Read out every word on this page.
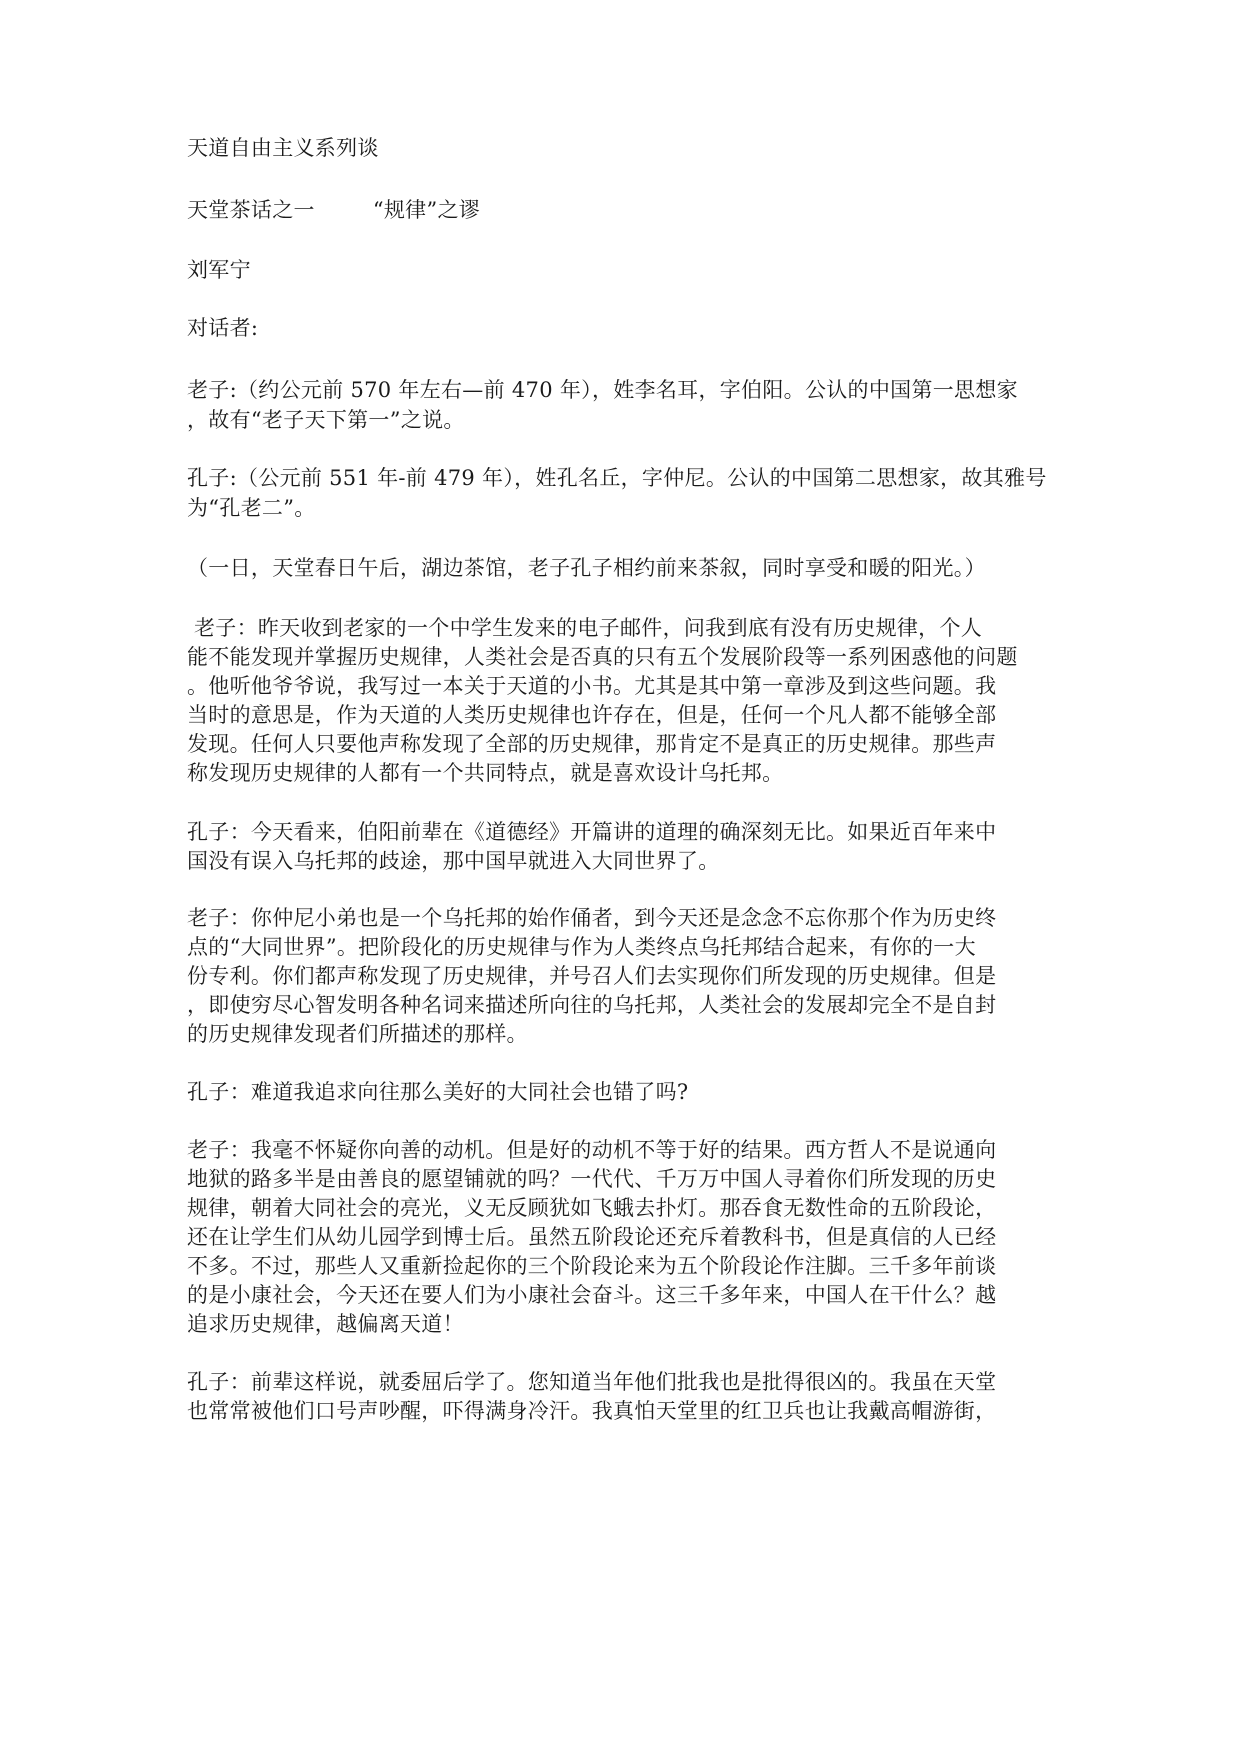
天道自由主义系列谈
天堂茶话之一	“规律”之谬
刘军宁
对话者:
老子:（约公元前 570 年左右—前 470 年），姓李名耳，字伯阳。公认的中国第一思想家
，故有“老子天下第一”之说。
孔子:（公元前 551 年-前 479 年），姓孔名丘，字仲尼。公认的中国第二思想家，故其雅号
为“孔老二”。
（一日，天堂春日午后，湖边茶馆，老子孔子相约前来茶叙，同时享受和暖的阳光。）
老子：昨天收到老家的一个中学生发来的电子邮件，问我到底有没有历史规律，个人
能不能发现并掌握历史规律，人类社会是否真的只有五个发展阶段等一系列困惑他的问题
。他听他爷爷说，我写过一本关于天道的小书。尤其是其中第一章涉及到这些问题。我
当时的意思是，作为天道的人类历史规律也许存在，但是，任何一个凡人都不能够全部
发现。任何人只要他声称发现了全部的历史规律，那肯定不是真正的历史规律。那些声
称发现历史规律的人都有一个共同特点，就是喜欢设计乌托邦。
孔子：今天看来，伯阳前辈在《道德经》开篇讲的道理的确深刻无比。如果近百年来中
国没有误入乌托邦的歧途，那中国早就进入大同世界了。
老子：你仲尼小弟也是一个乌托邦的始作俑者，到今天还是念念不忘你那个作为历史终
点的“大同世界”。把阶段化的历史规律与作为人类终点乌托邦结合起来，有你的一大
份专利。你们都声称发现了历史规律，并号召人们去实现你们所发现的历史规律。但是
，即使穷尽心智发明各种名词来描述所向往的乌托邦，人类社会的发展却完全不是自封
的历史规律发现者们所描述的那样。
孔子：难道我追求向往那么美好的大同社会也错了吗?
老子：我毫不怀疑你向善的动机。但是好的动机不等于好的结果。西方哲人不是说通向
地狱的路多半是由善良的愿望铺就的吗？一代代、千万万中国人寻着你们所发现的历史
规律，朝着大同社会的亮光，义无反顾犹如飞蛾去扑灯。那吞食无数性命的五阶段论，
还在让学生们从幼儿园学到博士后。虽然五阶段论还充斥着教科书，但是真信的人已经
不多。不过，那些人又重新捡起你的三个阶段论来为五个阶段论作注脚。三千多年前谈
的是小康社会，今天还在要人们为小康社会奋斗。这三千多年来，中国人在干什么？越
追求历史规律，越偏离天道！
孔子：前辈这样说，就委屈后学了。您知道当年他们批我也是批得很凶的。我虽在天堂
也常常被他们口号声吵醒，吓得满身冷汗。我真怕天堂里的红卫兵也让我戴高帽游街，
